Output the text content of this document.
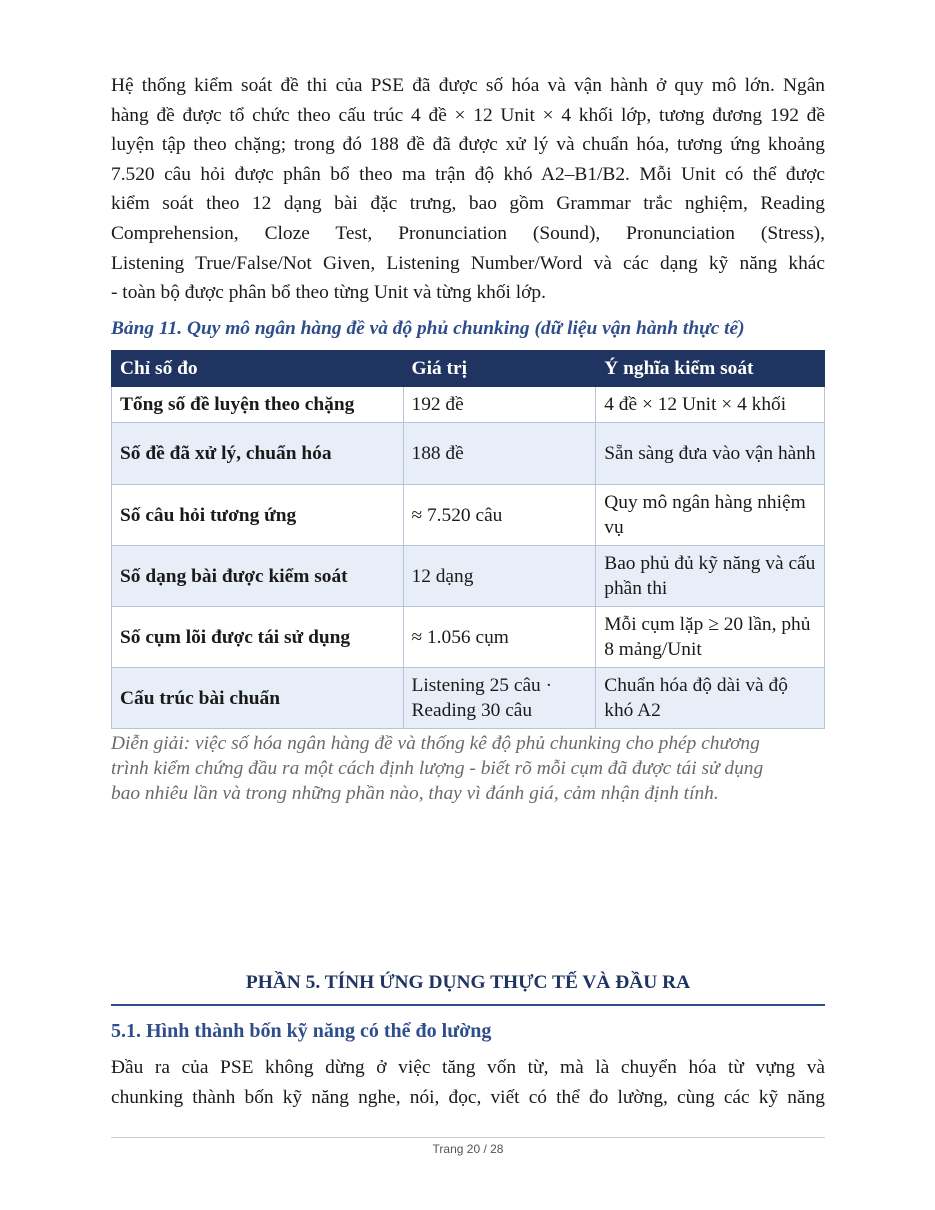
Hệ thống kiểm soát đề thi của PSE đã được số hóa và vận hành ở quy mô lớn. Ngân
hàng đề được tổ chức theo cấu trúc 4 đề × 12 Unit × 4 khối lớp, tương đương 192 đề
luyện tập theo chặng; trong đó 188 đề đã được xử lý và chuẩn hóa, tương ứng khoảng
7.520 câu hỏi được phân bổ theo ma trận độ khó A2–B1/B2. Mỗi Unit có thể được
kiểm soát theo 12 dạng bài đặc trưng, bao gồm Grammar trắc nghiệm, Reading
Comprehension, Cloze Test, Pronunciation (Sound), Pronunciation (Stress),
Listening True/False/Not Given, Listening Number/Word và các dạng kỹ năng khác
- toàn bộ được phân bổ theo từng Unit và từng khối lớp.

Bảng 11. Quy mô ngân hàng đề và độ phủ chunking (dữ liệu vận hành thực tế)

Chỉ số đo	Giá trị	Ý nghĩa kiểm soát
Tổng số đề luyện theo chặng	192 đề	4 đề × 12 Unit × 4 khối
Số đề đã xử lý, chuẩn hóa	188 đề	Sẵn sàng đưa vào vận hành
Số câu hỏi tương ứng	≈ 7.520 câu	Quy mô ngân hàng nhiệm vụ
Số dạng bài được kiểm soát	12 dạng	Bao phủ đủ kỹ năng và cấu phần thi
Số cụm lõi được tái sử dụng	≈ 1.056 cụm	Mỗi cụm lặp ≥ 20 lần, phủ 8 mảng/Unit
Cấu trúc bài chuẩn	Listening 25 câu · Reading 30 câu	Chuẩn hóa độ dài và độ khó A2
Diễn giải: việc số hóa ngân hàng đề và thống kê độ phủ chunking cho phép chương
trình kiểm chứng đầu ra một cách định lượng - biết rõ mỗi cụm đã được tái sử dụng
bao nhiêu lần và trong những phần nào, thay vì đánh giá, cảm nhận định tính.

PHẦN 5. TÍNH ỨNG DỤNG THỰC TẾ VÀ ĐẦU RA

5.1. Hình thành bốn kỹ năng có thể đo lường

Đầu ra của PSE không dừng ở việc tăng vốn từ, mà là chuyển hóa từ vựng và
chunking thành bốn kỹ năng nghe, nói, đọc, viết có thể đo lường, cùng các kỹ năng
Trang 20 / 28
